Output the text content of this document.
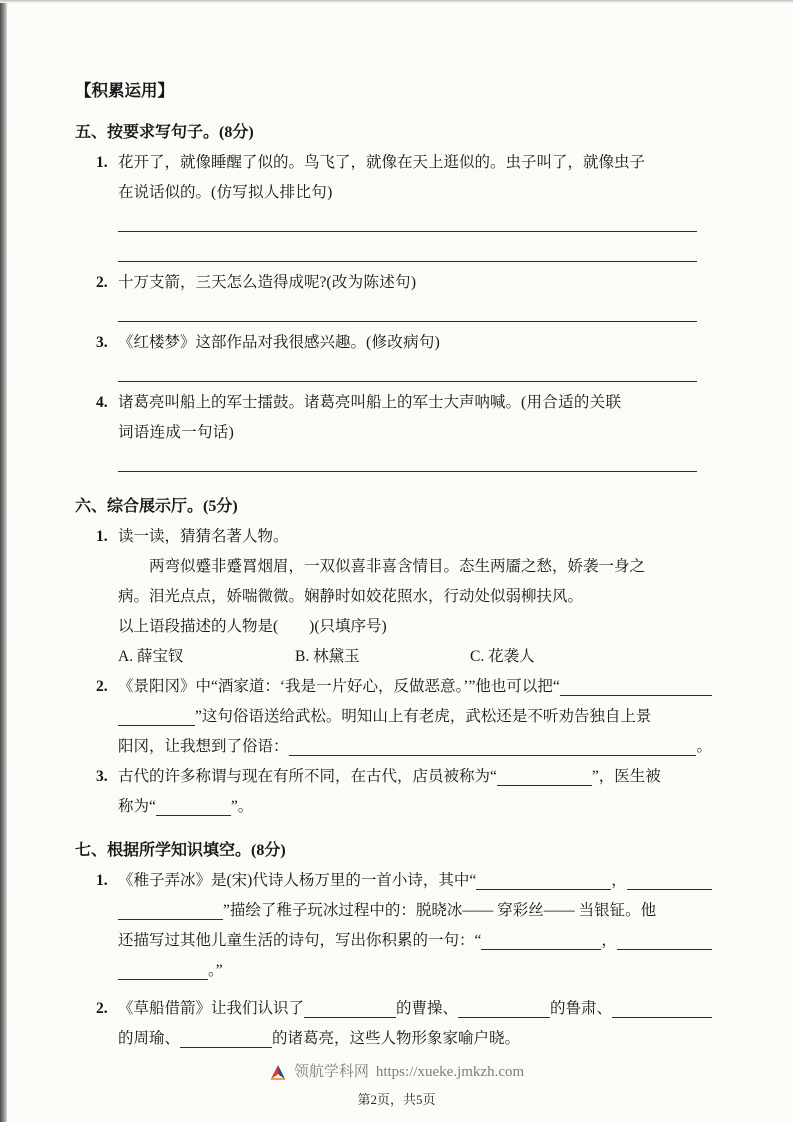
【积累运用】
五、按要求写句子。(8分)
1. 花开了，就像睡醒了似的。鸟飞了，就像在天上逛似的。虫子叫了，就像虫子
在说话似的。 (仿写拟人排比句)
2. 十万支箭，三天怎么造得成呢? (改为陈述句)
3. 《红楼梦》这部作品对我很感兴趣。 (修改病句)
4. 诸葛亮叫船上的军士擂鼓。诸葛亮叫船上的军士大声呐喊。 (用合适的关联
词语连成一句话)
六、综合展示厅。(5分)
1. 读一读，猜猜名著人物。
两弯似蹙非蹙罥烟眉，一双似喜非喜含情目。态生两靥之愁，娇袭一身之
病。泪光点点，娇喘微微。娴静时如姣花照水，行动处似弱柳扶风。
以上语段描述的人物是(　　)(只填序号)
A. 薛宝钗	B. 林黛玉	C. 花袭人
2. 《景阳冈》中“酒家道：‘我是一片好心，反做恶意。’”他也可以把“
”这句俗语送给武松。明知山上有老虎，武松还是不听劝告独自上景
阳冈，让我想到了俗语：	。
3. 古代的许多称谓与现在有所不同，在古代，店员被称为“	”，医生被
称为“	”。
七、根据所学知识填空。(8分)
1. 《稚子弄冰》是(宋)代诗人杨万里的一首小诗，其中“	，
”描绘了稚子玩冰过程中的：脱晓冰—— 穿彩丝—— 当银钲。他
还描写过其他儿童生活的诗句，写出你积累的一句：“	，
。”
2. 《草船借箭》让我们认识了	的曹操、	的鲁肃、
的周瑜、	的诸葛亮，这些人物形象家喻户晓。
领航学科网 https://xueke.jmkzh.com
第2页，共5页
